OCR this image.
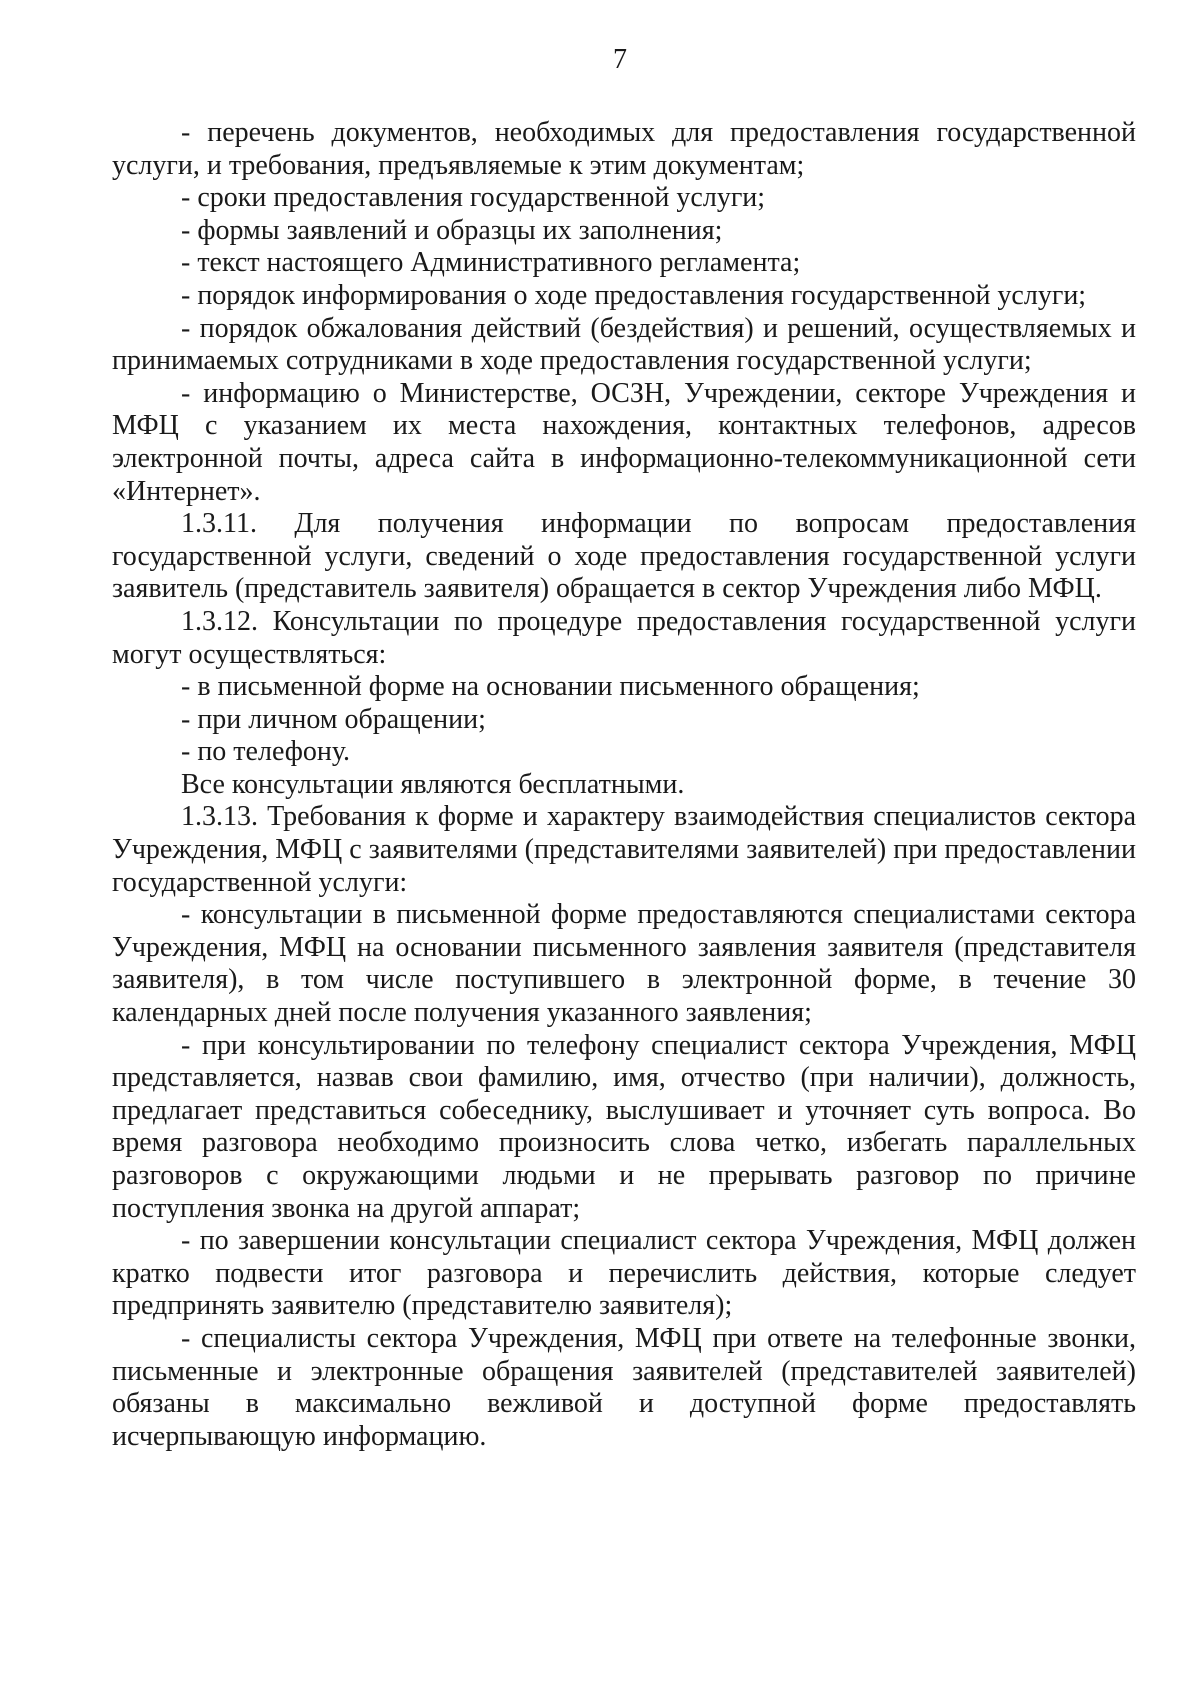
7

- перечень документов, необходимых для предоставления государственной услуги, и требования, предъявляемые к этим документам;

- сроки предоставления государственной услуги;

- формы заявлений и образцы их заполнения;

- текст настоящего Административного регламента;

- порядок информирования о ходе предоставления государственной услуги;

- порядок обжалования действий (бездействия) и решений, осуществляемых и принимаемых сотрудниками в ходе предоставления государственной услуги;

- информацию о Министерстве, ОСЗН, Учреждении, секторе Учреждения и МФЦ с указанием их места нахождения, контактных телефонов, адресов электронной почты, адреса сайта в информационно-телекоммуникационной сети «Интернет».

1.3.11. Для получения информации по вопросам предоставления государственной услуги, сведений о ходе предоставления государственной услуги заявитель (представитель заявителя) обращается в сектор Учреждения либо МФЦ.

1.3.12. Консультации по процедуре предоставления государственной услуги могут осуществляться:

- в письменной форме на основании письменного обращения;

- при личном обращении;

- по телефону.

Все консультации являются бесплатными.

1.3.13. Требования к форме и характеру взаимодействия специалистов сектора Учреждения, МФЦ с заявителями (представителями заявителей) при предоставлении государственной услуги:

- консультации в письменной форме предоставляются специалистами сектора Учреждения, МФЦ на основании письменного заявления заявителя (представителя заявителя), в том числе поступившего в электронной форме, в течение 30 календарных дней после получения указанного заявления;

- при консультировании по телефону специалист сектора Учреждения, МФЦ представляется, назвав свои фамилию, имя, отчество (при наличии), должность, предлагает представиться собеседнику, выслушивает и уточняет суть вопроса. Во время разговора необходимо произносить слова четко, избегать параллельных разговоров с окружающими людьми и не прерывать разговор по причине поступления звонка на другой аппарат;

- по завершении консультации специалист сектора Учреждения, МФЦ должен кратко подвести итог разговора и перечислить действия, которые следует предпринять заявителю (представителю заявителя);

- специалисты сектора Учреждения, МФЦ при ответе на телефонные звонки, письменные и электронные обращения заявителей (представителей заявителей) обязаны в максимально вежливой и доступной форме предоставлять исчерпывающую информацию.
